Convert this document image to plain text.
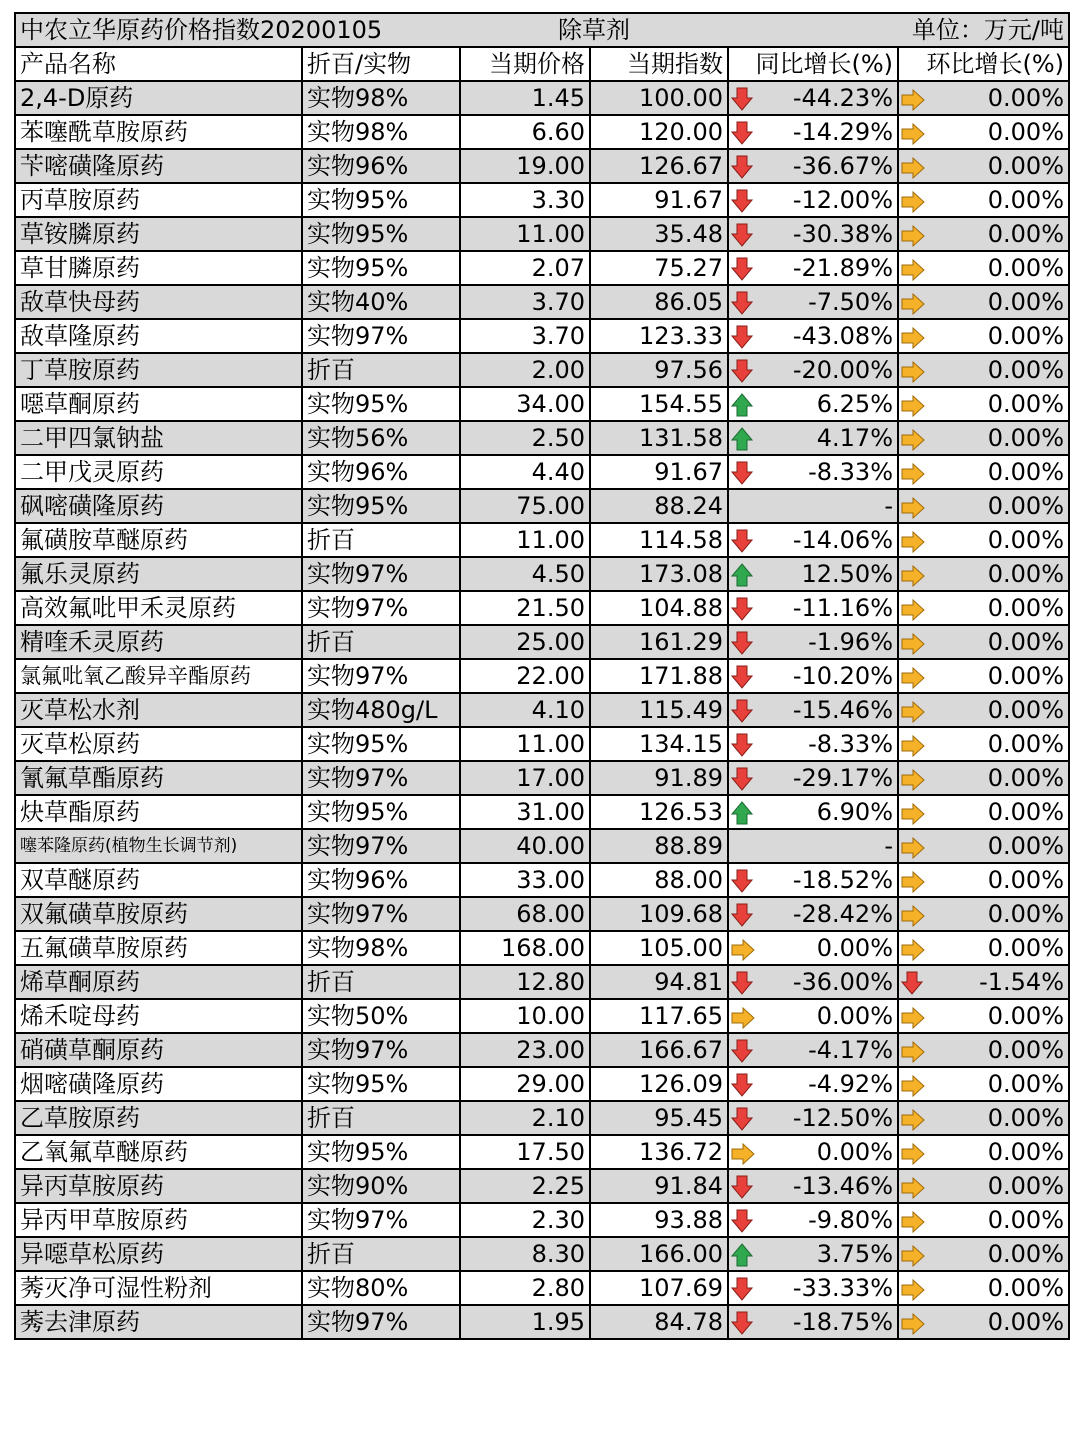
中农立华原药价格指数20200105		除草剂		单位：万元/吨	
产品名称	折百/实物	当期价格	当期指数	同比增长(%)	环比增长(%)
2,4-D原药	实物98%	1.45	100.00	-44.23%	0.00%

苯噻酰草胺原药	实物98%	6.60	120.00	-14.29%	0.00%

苄嘧磺隆原药	实物96%	19.00	126.67	-36.67%	0.00%

丙草胺原药	实物95%	3.30	91.67	-12.00%	0.00%

草铵膦原药	实物95%	11.00	35.48	-30.38%	0.00%

草甘膦原药	实物95%	2.07	75.27	-21.89%	0.00%

敌草快母药	实物40%	3.70	86.05	-7.50%	0.00%

敌草隆原药	实物97%	3.70	123.33	-43.08%	0.00%

丁草胺原药	折百	2.00	97.56	-20.00%	0.00%

噁草酮原药	实物95%	34.00	154.55	6.25%	0.00%

二甲四氯钠盐	实物56%	2.50	131.58	4.17%	0.00%

二甲戊灵原药	实物96%	4.40	91.67	-8.33%	0.00%

砜嘧磺隆原药	实物95%	75.00	88.24	-	0.00%

氟磺胺草醚原药	折百	11.00	114.58	-14.06%	0.00%

氟乐灵原药	实物97%	4.50	173.08	12.50%	0.00%

高效氟吡甲禾灵原药	实物97%	21.50	104.88	-11.16%	0.00%

精喹禾灵原药	折百	25.00	161.29	-1.96%	0.00%

氯氟吡氧乙酸异辛酯原药	实物97%	22.00	171.88	-10.20%	0.00%

灭草松水剂	实物480g/L	4.10	115.49	-15.46%	0.00%

灭草松原药	实物95%	11.00	134.15	-8.33%	0.00%

氰氟草酯原药	实物97%	17.00	91.89	-29.17%	0.00%

炔草酯原药	实物95%	31.00	126.53	6.90%	0.00%

噻苯隆原药(植物生长调节剂)	实物97%	40.00	88.89	-	0.00%

双草醚原药	实物96%	33.00	88.00	-18.52%	0.00%

双氟磺草胺原药	实物97%	68.00	109.68	-28.42%	0.00%

五氟磺草胺原药	实物98%	168.00	105.00	0.00%	0.00%

烯草酮原药	折百	12.80	94.81	-36.00%	-1.54%

烯禾啶母药	实物50%	10.00	117.65	0.00%	0.00%

硝磺草酮原药	实物97%	23.00	166.67	-4.17%	0.00%

烟嘧磺隆原药	实物95%	29.00	126.09	-4.92%	0.00%

乙草胺原药	折百	2.10	95.45	-12.50%	0.00%

乙氧氟草醚原药	实物95%	17.50	136.72	0.00%	0.00%

异丙草胺原药	实物90%	2.25	91.84	-13.46%	0.00%

异丙甲草胺原药	实物97%	2.30	93.88	-9.80%	0.00%

异噁草松原药	折百	8.30	166.00	3.75%	0.00%

莠灭净可湿性粉剂	实物80%	2.80	107.69	-33.33%	0.00%

莠去津原药	实物97%	1.95	84.78	-18.75%	0.00%
